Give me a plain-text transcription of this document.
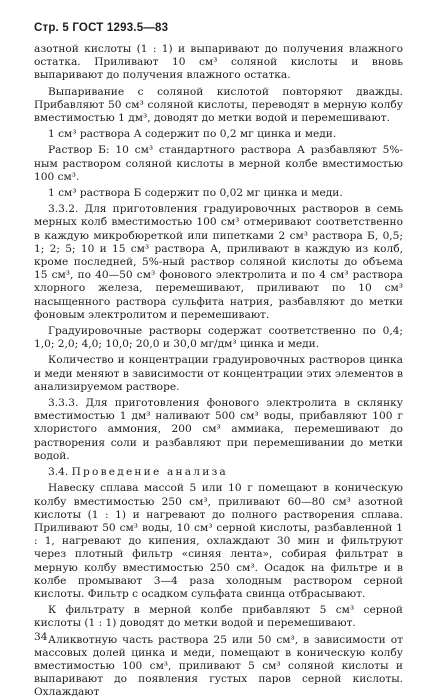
Стр. 5 ГОСТ 1293.5—83

азотной кислоты (1 : 1) и выпаривают до получения влажного остатка. Приливают 10 см³ соляной кислоты и вновь выпаривают до получения влажного остатка.

Выпаривание с соляной кислотой повторяют дважды. Прибавляют 50 см³ соляной кислоты, переводят в мерную колбу вместимостью 1 дм³, доводят до метки водой и перемешивают.

1 см³ раствора А содержит по 0,2 мг цинка и меди.

Раствор Б: 10 см³ стандартного раствора А разбавляют 5%-ным раствором соляной кислоты в мерной колбе вместимостью 100 см³.

1 см³ раствора Б содержит по 0,02 мг цинка и меди.

3.3.2. Для приготовления градуировочных растворов в семь мерных колб вместимостью 100 см³ отмеривают соответственно в каждую микробюреткой или пипетками 2 см³ раствора Б, 0,5; 1; 2; 5; 10 и 15 см³ раствора А, приливают в каждую из колб, кроме последней, 5%-ный раствор соляной кислоты до объема 15 см³, по 40—50 см³ фонового электролита и по 4 см³ раствора хлорного железа, перемешивают, приливают по 10 см³ насыщенного раствора сульфита натрия, разбавляют до метки фоновым электролитом и перемешивают.

Градуировочные растворы содержат соответственно по 0,4; 1,0; 2,0; 4,0; 10,0; 20,0 и 30,0 мг/дм³ цинка и меди.

Количество и концентрации градуировочных растворов цинка и меди меняют в зависимости от концентрации этих элементов в анализируемом растворе.

3.3.3. Для приготовления фонового электролита в склянку вместимостью 1 дм³ наливают 500 см³ воды, прибавляют 100 г хлористого аммония, 200 см³ аммиака, перемешивают до растворения соли и разбавляют при перемешивании до метки водой.

3.4. Проведение анализа

Навеску сплава массой 5 или 10 г помещают в коническую колбу вместимостью 250 см³, приливают 60—80 см³ азотной кислоты (1 : 1) и нагревают до полного растворения сплава. Приливают 50 см³ воды, 10 см³ серной кислоты, разбавленной 1 : 1, нагревают до кипения, охлаждают 30 мин и фильтруют через плотный фильтр «синяя лента», собирая фильтрат в мерную колбу вместимостью 250 см³. Осадок на фильтре и в колбе промывают 3—4 раза холодным раствором серной кислоты. Фильтр с осадком сульфата свинца отбрасывают.

К фильтрату в мерной колбе прибавляют 5 см³ серной кислоты (1 : 1) доводят до метки водой и перемешивают.

Аликвотную часть раствора 25 или 50 см³, в зависимости от массовых долей цинка и меди, помещают в коническую колбу вместимостью 100 см³, приливают 5 см³ соляной кислоты и выпаривают до появления густых паров серной кислоты. Охлаждают

34
